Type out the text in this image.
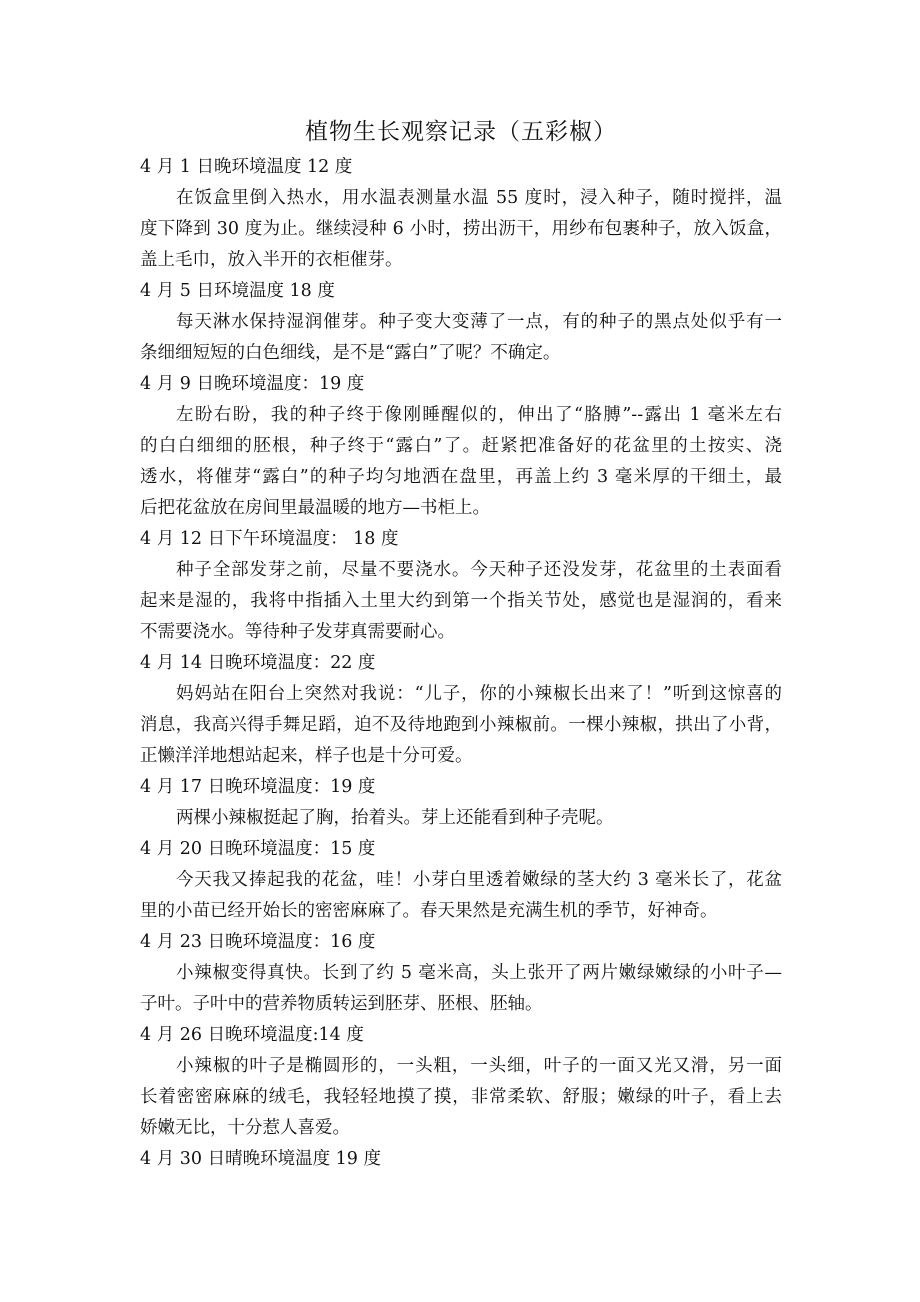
植物生长观察记录（五彩椒）
4 月 1 日晚环境温度 12 度
在饭盒里倒入热水，用水温表测量水温 55 度时，浸入种子，随时搅拌，温
度下降到 30 度为止。继续浸种 6 小时，捞出沥干，用纱布包裹种子，放入饭盒，
盖上毛巾，放入半开的衣柜催芽。
4 月 5 日环境温度 18 度
每天淋水保持湿润催芽。种子变大变薄了一点，有的种子的黑点处似乎有一
条细细短短的白色细线，是不是“露白”了呢？不确定。
4 月 9 日晚环境温度：19 度
左盼右盼，我的种子终于像刚睡醒似的，伸出了“胳膊”--露出 1 毫米左右
的白白细细的胚根，种子终于“露白”了。赶紧把准备好的花盆里的土按实、浇
透水，将催芽“露白”的种子均匀地洒在盘里，再盖上约 3 毫米厚的干细土，最
后把花盆放在房间里最温暖的地方—书柜上。
4 月 12 日下午环境温度： 18 度
种子全部发芽之前，尽量不要浇水。今天种子还没发芽，花盆里的土表面看
起来是湿的，我将中指插入土里大约到第一个指关节处，感觉也是湿润的，看来
不需要浇水。等待种子发芽真需要耐心。
4 月 14 日晚环境温度：22 度
妈妈站在阳台上突然对我说：“儿子，你的小辣椒长出来了！”听到这惊喜的
消息，我高兴得手舞足蹈，迫不及待地跑到小辣椒前。一棵小辣椒，拱出了小背，
正懒洋洋地想站起来，样子也是十分可爱。
4 月 17 日晚环境温度：19 度
两棵小辣椒挺起了胸，抬着头。芽上还能看到种子壳呢。
4 月 20 日晚环境温度：15 度
今天我又捧起我的花盆，哇！小芽白里透着嫩绿的茎大约 3 毫米长了，花盆
里的小苗已经开始长的密密麻麻了。春天果然是充满生机的季节，好神奇。
4 月 23 日晚环境温度：16 度
小辣椒变得真快。长到了约 5 毫米高，头上张开了两片嫩绿嫩绿的小叶子—
子叶。子叶中的营养物质转运到胚芽、胚根、胚轴。
4 月 26 日晚环境温度:14 度
小辣椒的叶子是椭圆形的，一头粗，一头细，叶子的一面又光又滑，另一面
长着密密麻麻的绒毛，我轻轻地摸了摸，非常柔软、舒服；嫩绿的叶子，看上去
娇嫩无比，十分惹人喜爱。
4 月 30 日晴晚环境温度 19 度
